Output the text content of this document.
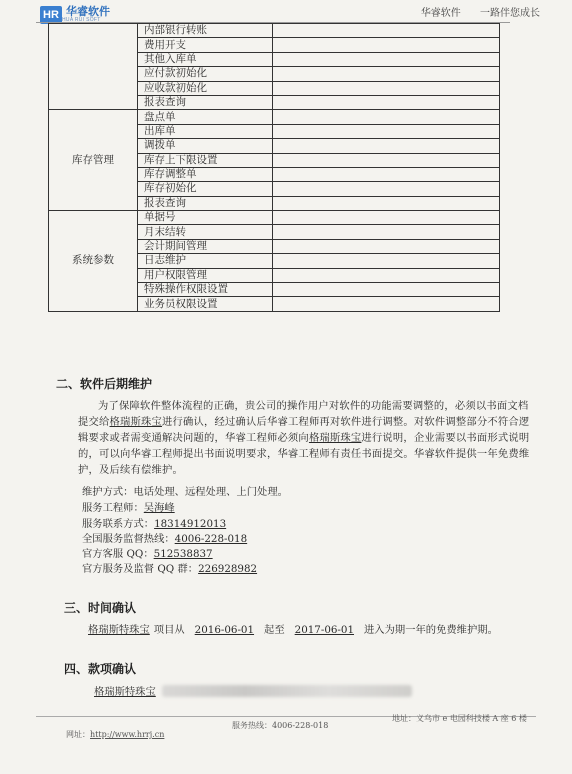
HR 华睿软件
HUA RUI SOFT
华睿软件 一路伴您成长
	内部银行转账	
	费用开支	
	其他入库单	
	应付款初始化	
	应收款初始化	
	报表查询	
库存管理	盘点单	
	出库单	
	调拨单	
	库存上下限设置	
	库存调整单	
	库存初始化	
	报表查询	
系统参数	单据号	
	月末结转	
	会计期间管理	
	日志维护	
	用户权限管理	
	特殊操作权限设置	
	业务员权限设置	
二、软件后期维护
为了保障软件整体流程的正确，贵公司的操作用户对软件的功能需要调整的，必须以书面文档提交给格瑞斯珠宝进行确认，经过确认后华睿工程师再对软件进行调整。对软件调整部分不符合逻辑要求或者需变通解决问题的，华睿工程师必须向格瑞斯珠宝进行说明，企业需要以书面形式说明的，可以向华睿工程师提出书面说明要求，华睿工程师有责任书面提交。华睿软件提供一年免费维护，及后续有偿维护。
维护方式：电话处理、远程处理、上门处理。
服务工程师：吴海峰
服务联系方式：18314912013
全国服务监督热线：4006-228-018
官方客服 QQ：512538837
官方服务及监督 QQ 群：226928982
三、时间确认
格瑞斯特珠宝 项目从 2016-06-01 起至 2017-06-01 进入为期一年的免费维护期。
四、款项确认
格瑞斯特珠宝
网址：http://www.hrrj.cn
服务热线：4006-228-018
地址：义乌市 e 电园科技楼 A 座 6 楼
